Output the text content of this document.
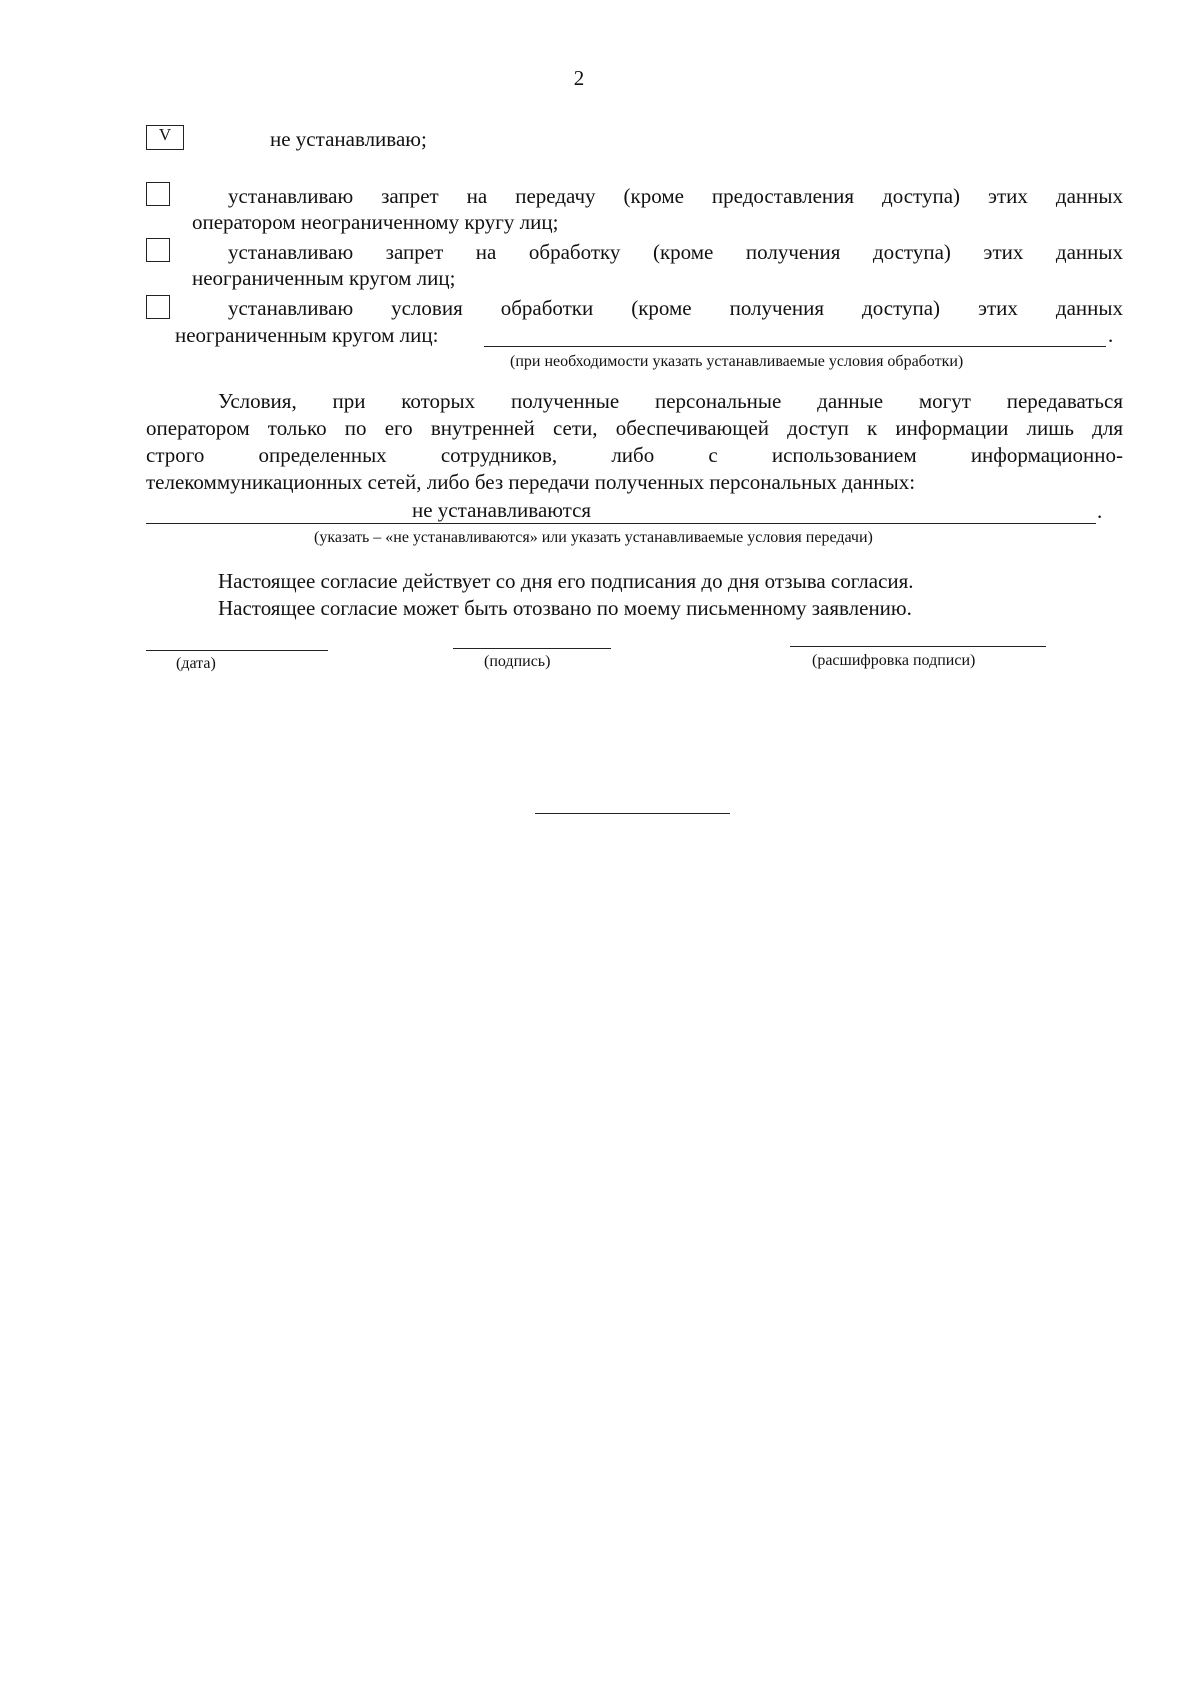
2
V	не устанавливаю;
устанавливаю запрет на передачу (кроме предоставления доступа) этих данных
оператором неограниченному кругу лиц;
устанавливаю запрет на обработку (кроме получения доступа) этих данных
неограниченным кругом лиц;
устанавливаю условия обработки (кроме получения доступа) этих данных
неограниченным кругом лиц:	.
(при необходимости указать устанавливаемые условия обработки)
Условия, при которых полученные персональные данные могут передаваться
оператором только по его внутренней сети, обеспечивающей доступ к информации лишь для
строго определенных сотрудников, либо с использованием информационно-
телекоммуникационных сетей, либо без передачи полученных персональных данных:
не устанавливаются	.
(указать – «не устанавливаются» или указать устанавливаемые условия передачи)
Настоящее согласие действует со дня его подписания до дня отзыва согласия.
Настоящее согласие может быть отозвано по моему письменному заявлению.
(дата)	(подпись)	(расшифровка подписи)
